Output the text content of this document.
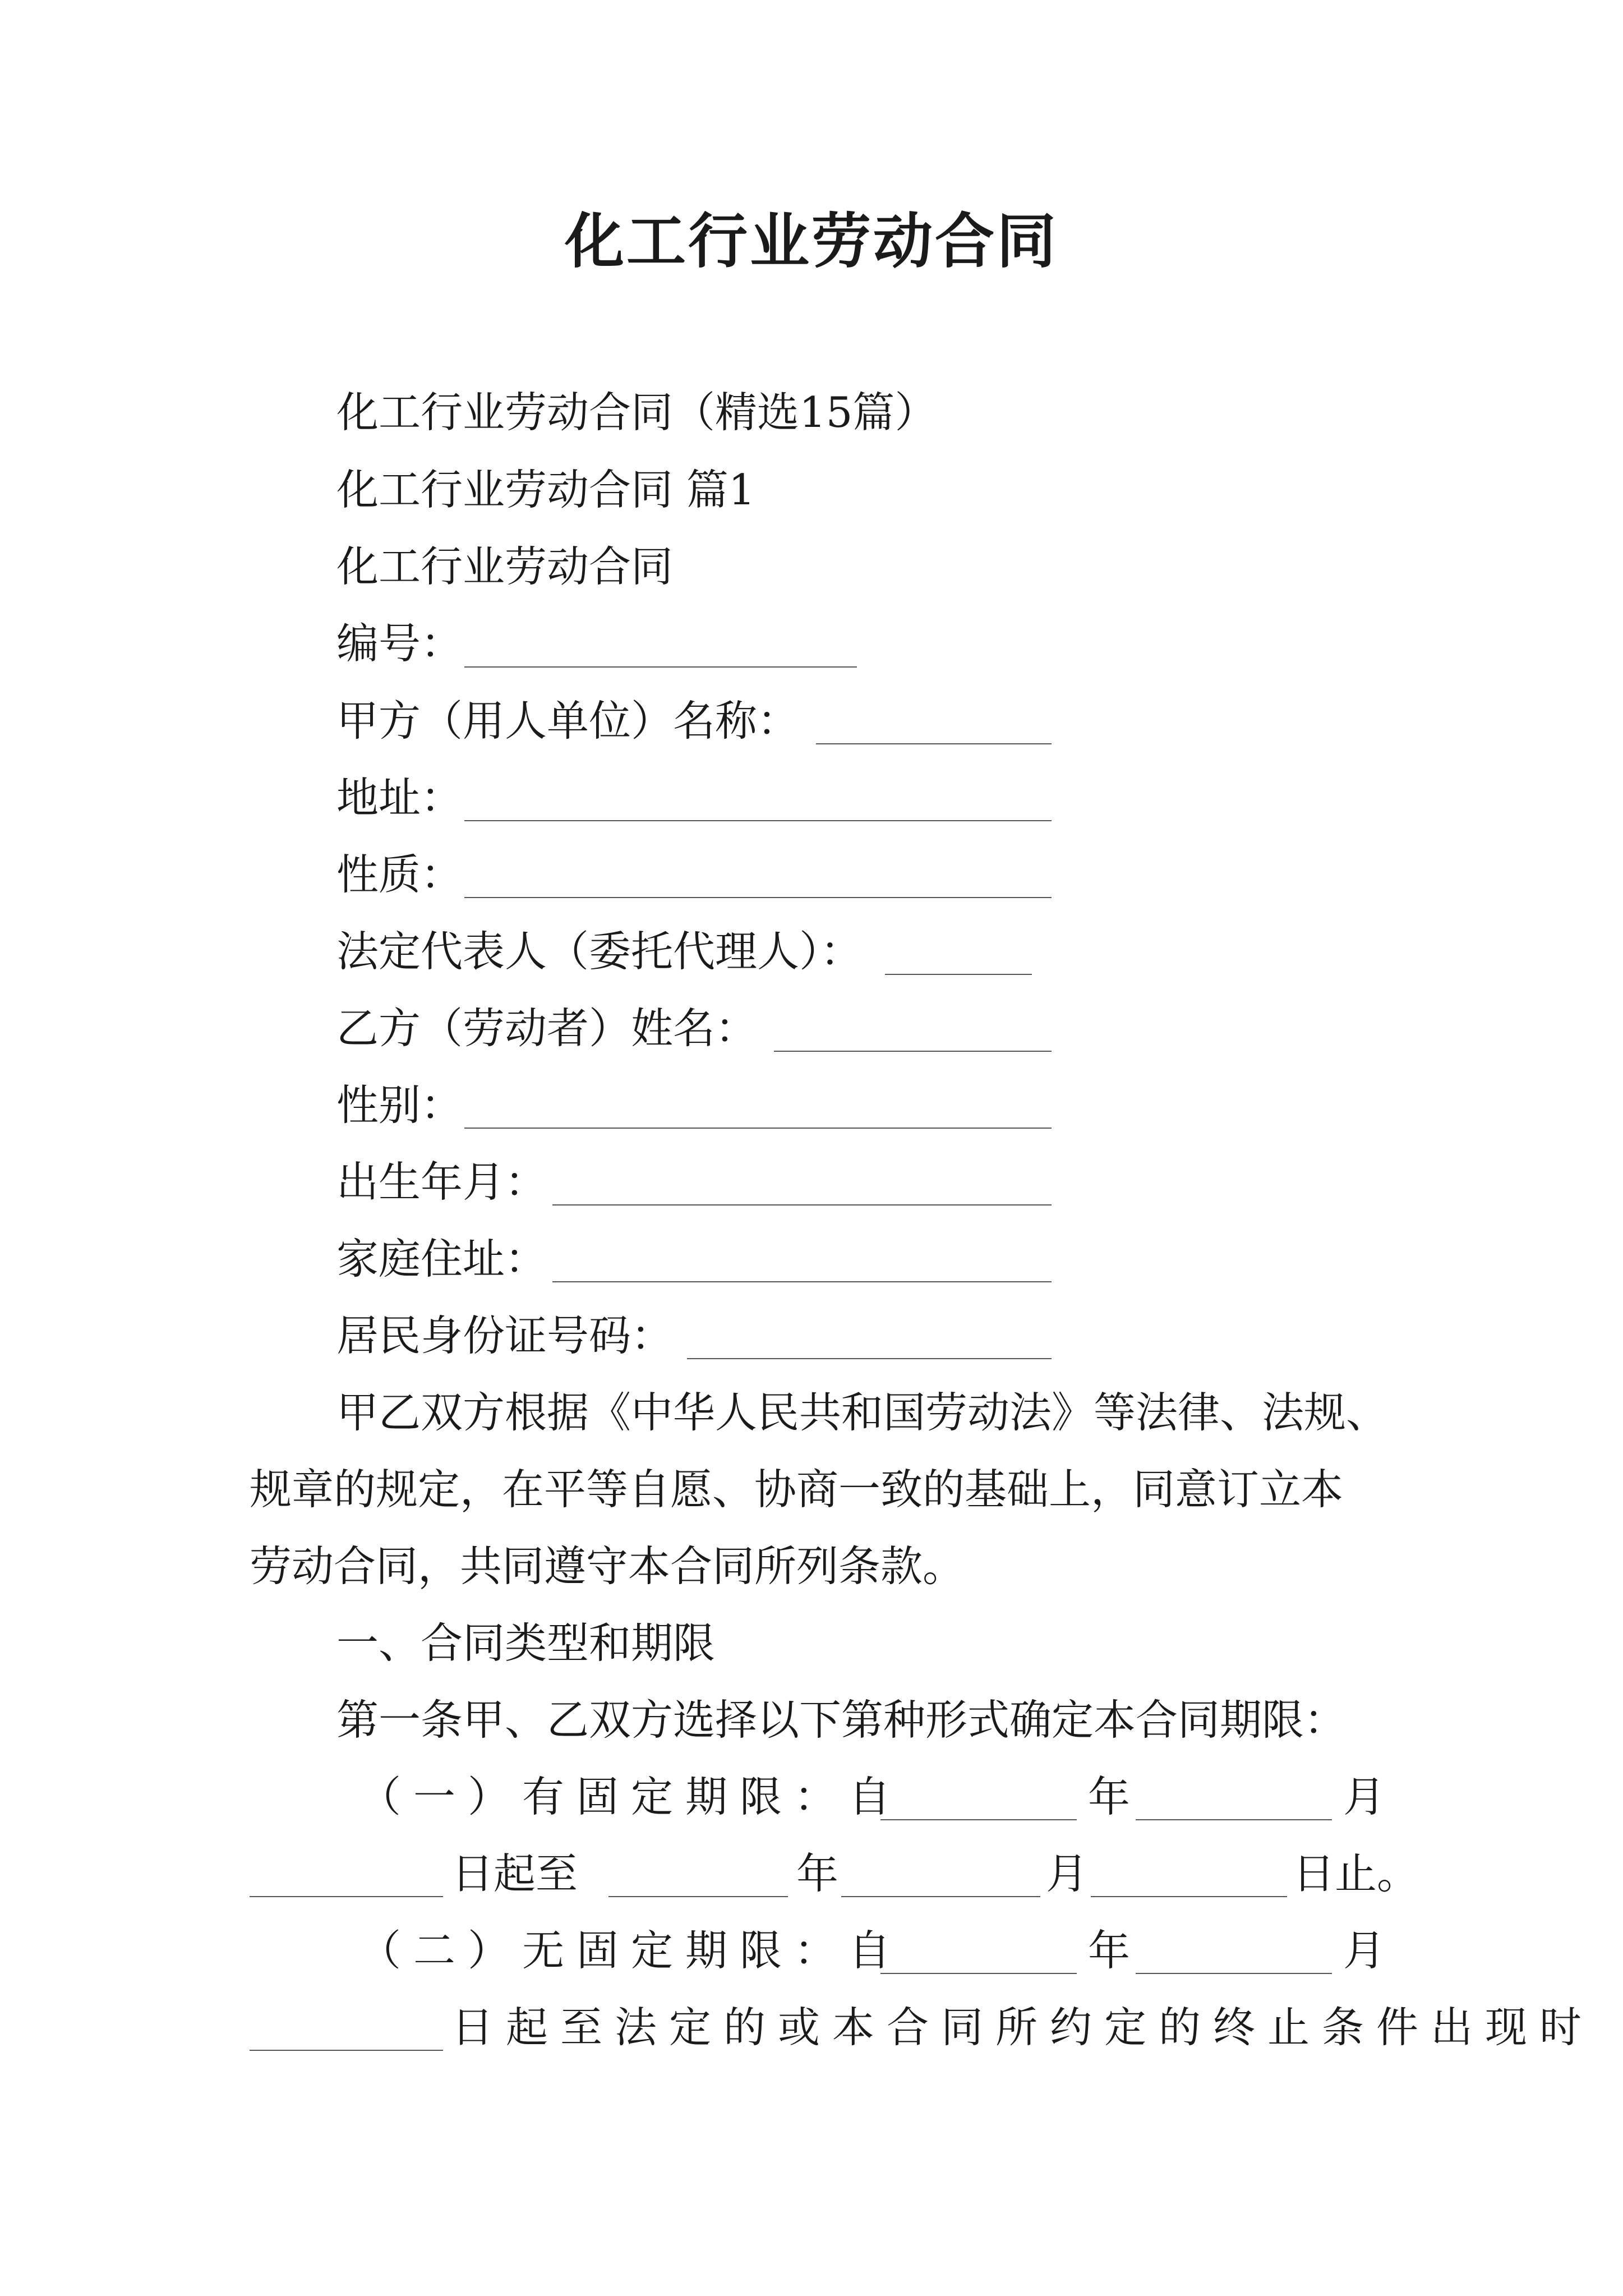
化工行业劳动合同
化工行业劳动合同（精选15篇）
化工行业劳动合同 篇1
化工行业劳动合同
编号：
甲方（用人单位）名称：
地址：
性质：
法定代表人（委托代理人）：
乙方（劳动者）姓名：
性别：
出生年月：
家庭住址：
居民身份证号码：
甲乙双方根据《中华人民共和国劳动法》等法律、法规、
规章的规定，在平等自愿、协商一致的基础上，同意订立本
劳动合同，共同遵守本合同所列条款。
一、合同类型和期限
第一条甲、乙双方选择以下第种形式确定本合同期限：
（一）有固定期限：自	年	月
日起至	年	月	日止。
（二）无固定期限：自	年	月
日起至法定的或本合同所约定的终止条件出现时
